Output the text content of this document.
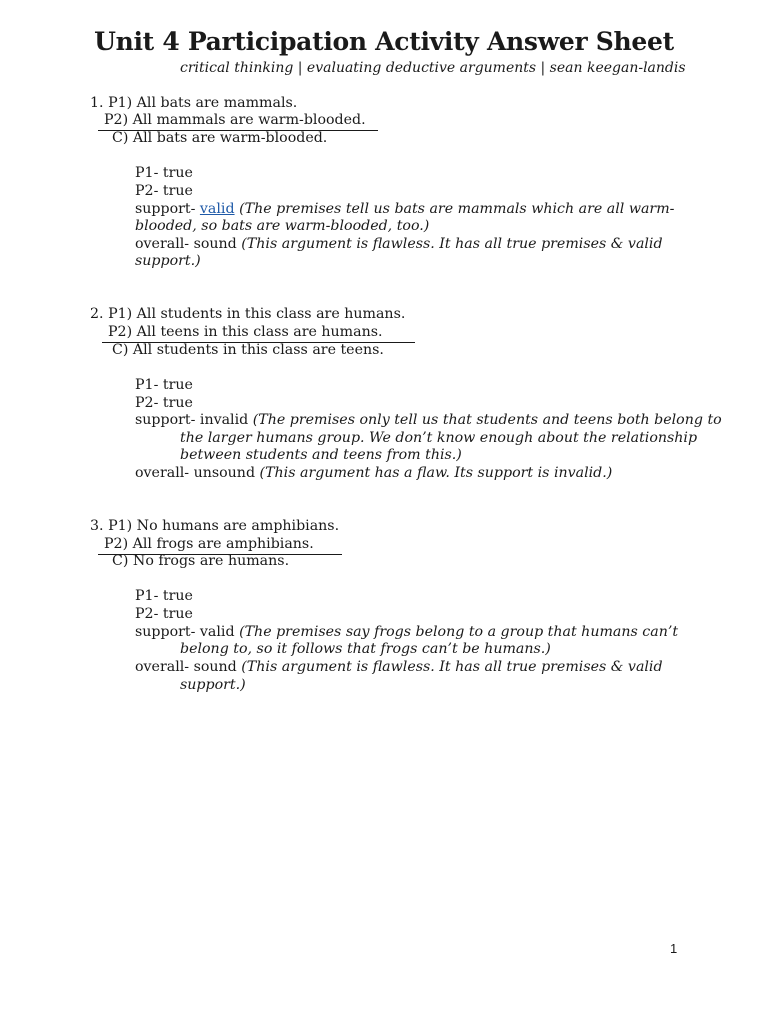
Unit 4 Participation Activity Answer Sheet
critical thinking | evaluating deductive arguments | sean keegan-landis
1. P1) All bats are mammals.
P2) All mammals are warm-blooded.
C) All bats are warm-blooded.
P1- true
P2- true
support- valid (The premises tell us bats are mammals which are all warm-
blooded, so bats are warm-blooded, too.)
overall- sound (This argument is flawless. It has all true premises & valid
support.)
2. P1) All students in this class are humans.
P2) All teens in this class are humans.
C) All students in this class are teens.
P1- true
P2- true
support- invalid (The premises only tell us that students and teens both belong to
the larger humans group. We don’t know enough about the relationship
between students and teens from this.)
overall- unsound (This argument has a flaw. Its support is invalid.)
3. P1) No humans are amphibians.
P2) All frogs are amphibians.
C) No frogs are humans.
P1- true
P2- true
support- valid (The premises say frogs belong to a group that humans can’t
belong to, so it follows that frogs can’t be humans.)
overall- sound (This argument is flawless. It has all true premises & valid
support.)
1
